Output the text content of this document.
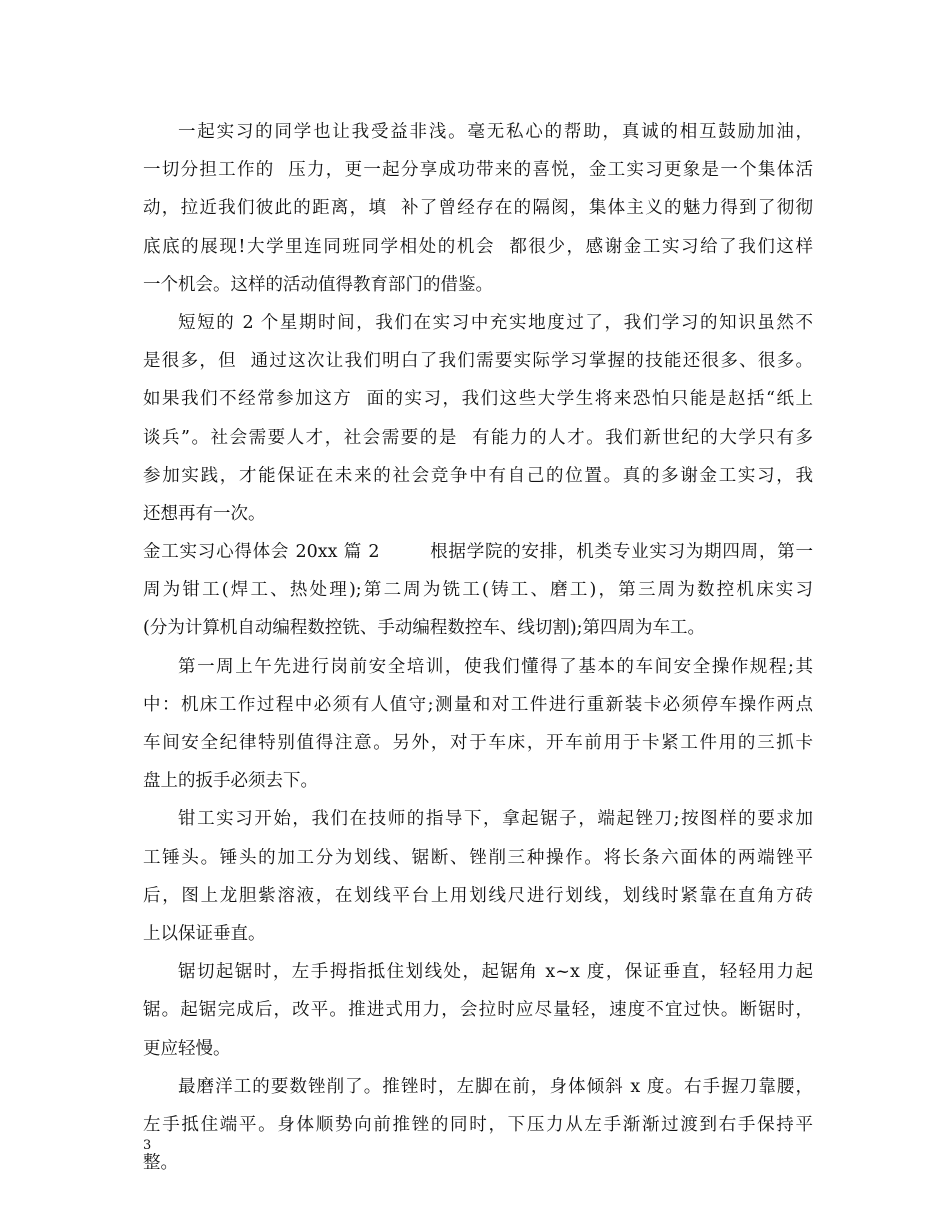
一起实习的同学也让我受益非浅。毫无私心的帮助，真诚的相互鼓励加油，
一切分担工作的  压力，更一起分享成功带来的喜悦，金工实习更象是一个集体活
动，拉近我们彼此的距离，填  补了曾经存在的隔阂，集体主义的魅力得到了彻彻
底底的展现!大学里连同班同学相处的机会  都很少，感谢金工实习给了我们这样
一个机会。这样的活动值得教育部门的借鉴。
短短的 2 个星期时间，我们在实习中充实地度过了，我们学习的知识虽然不
是很多，但  通过这次让我们明白了我们需要实际学习掌握的技能还很多、很多。
如果我们不经常参加这方  面的实习，我们这些大学生将来恐怕只能是赵括“纸上
谈兵”。社会需要人才，社会需要的是  有能力的人才。我们新世纪的大学只有多
参加实践，才能保证在未来的社会竞争中有自己的位置。真的多谢金工实习，我
还想再有一次。
金工实习心得体会 20xx 篇 2        根据学院的安排，机类专业实习为期四周，第一
周为钳工(焊工、热处理);第二周为铣工(铸工、磨工)，第三周为数控机床实习
(分为计算机自动编程数控铣、手动编程数控车、线切割);第四周为车工。
第一周上午先进行岗前安全培训，使我们懂得了基本的车间安全操作规程;其
中：机床工作过程中必须有人值守;测量和对工件进行重新装卡必须停车操作两点
车间安全纪律特别值得注意。另外，对于车床，开车前用于卡紧工件用的三抓卡
盘上的扳手必须去下。
钳工实习开始，我们在技师的指导下，拿起锯子，端起锉刀;按图样的要求加
工锤头。锤头的加工分为划线、锯断、锉削三种操作。将长条六面体的两端锉平
后，图上龙胆紫溶液，在划线平台上用划线尺进行划线，划线时紧靠在直角方砖
上以保证垂直。
锯切起锯时，左手拇指抵住划线处，起锯角 x~x 度，保证垂直，轻轻用力起
锯。起锯完成后，改平。推进式用力，会拉时应尽量轻，速度不宜过快。断锯时，
更应轻慢。
最磨洋工的要数锉削了。推锉时，左脚在前，身体倾斜 x 度。右手握刀靠腰，
左手抵住端平。身体顺势向前推锉的同时，下压力从左手渐渐过渡到右手保持平
整。
3
